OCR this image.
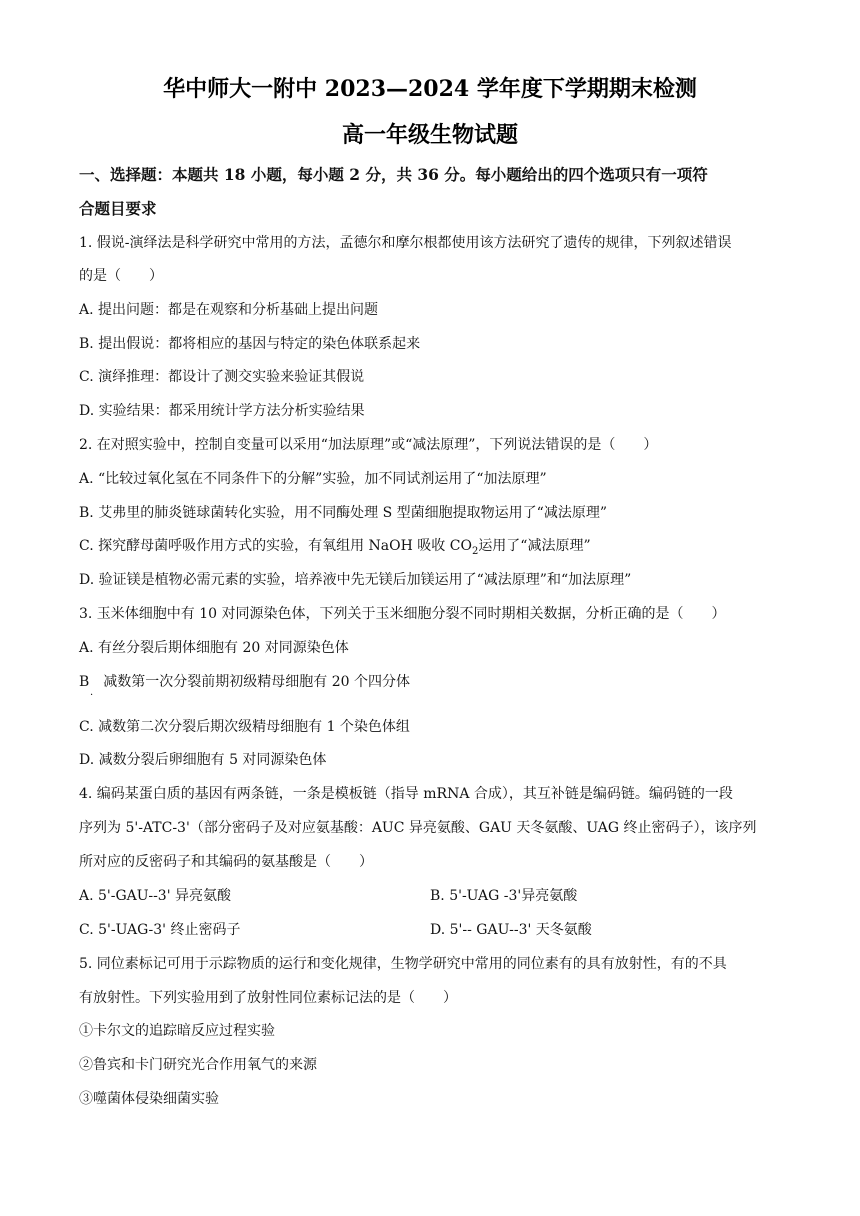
华中师大一附中 2023—2024 学年度下学期期末检测
高一年级生物试题
一、选择题：本题共 18 小题，每小题 2 分，共 36 分。每小题给出的四个选项只有一项符
合题目要求
1. 假说-演绎法是科学研究中常用的方法，孟德尔和摩尔根都使用该方法研究了遗传的规律，下列叙述错误
的是（　　）
A. 提出问题：都是在观察和分析基础上提出问题
B. 提出假说：都将相应的基因与特定的染色体联系起来
C. 演绎推理：都设计了测交实验来验证其假说
D. 实验结果：都采用统计学方法分析实验结果
2. 在对照实验中，控制自变量可以采用“加法原理”或“减法原理”，下列说法错误的是（　　）
A. “比较过氧化氢在不同条件下的分解”实验，加不同试剂运用了“加法原理”
B. 艾弗里的肺炎链球菌转化实验，用不同酶处理 S 型菌细胞提取物运用了“减法原理”
C. 探究酵母菌呼吸作用方式的实验，有氧组用 NaOH 吸收 $CO_2$运用了“减法原理”
D. 验证镁是植物必需元素的实验，培养液中先无镁后加镁运用了“减法原理”和“加法原理”
3. 玉米体细胞中有 10 对同源染色体，下列关于玉米细胞分裂不同时期相关数据，分析正确的是（　　）
A. 有丝分裂后期体细胞有 20 对同源染色体
B　减数第一次分裂前期初级精母细胞有 20 个四分体
·
C. 减数第二次分裂后期次级精母细胞有 1 个染色体组
D. 减数分裂后卵细胞有 5 对同源染色体
4. 编码某蛋白质的基因有两条链，一条是模板链（指导 mRNA 合成），其互补链是编码链。编码链的一段
序列为 5'-ATC-3'（部分密码子及对应氨基酸：AUC 异亮氨酸、GAU 天冬氨酸、UAG 终止密码子），该序列
所对应的反密码子和其编码的氨基酸是（　　）
A. 5'-GAU--3' 异亮氨酸	B. 5'-UAG -3'异亮氨酸
C. 5'-UAG-3' 终止密码子	D. 5'-- GAU--3' 天冬氨酸
5. 同位素标记可用于示踪物质的运行和变化规律，生物学研究中常用的同位素有的具有放射性，有的不具
有放射性。下列实验用到了放射性同位素标记法的是（　　）
①卡尔文的追踪暗反应过程实验
②鲁宾和卡门研究光合作用氧气的来源
③噬菌体侵染细菌实验
